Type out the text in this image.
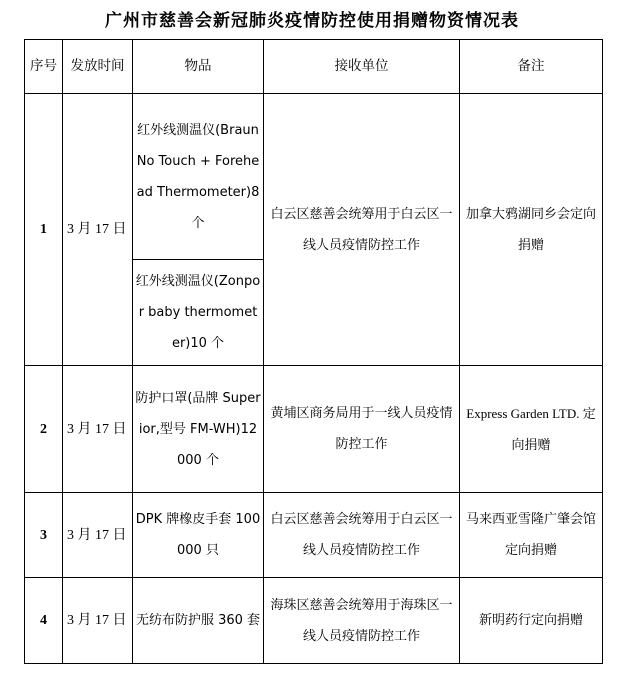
广州市慈善会新冠肺炎疫情防控使用捐赠物资情况表
序号	发放时间	物品	接收单位	备注
1	3 月 17 日	红外线测温仪(Braun No Touch + Forehead Thermometer)8 个	白云区慈善会统筹用于白云区一线人员疫情防控工作	加拿大鸦湖同乡会定向捐赠
		红外线测温仪(Zonpor baby thermometer)10 个		
2	3 月 17 日	防护口罩(品牌 Superior,型号 FM-WH)12000 个	黄埔区商务局用于一线人员疫情防控工作	Express Garden LTD. 定向捐赠
3	3 月 17 日	DPK 牌橡皮手套 100000 只	白云区慈善会统筹用于白云区一线人员疫情防控工作	马来西亚雪隆广肇会馆定向捐赠
4	3 月 17 日	无纺布防护服 360 套	海珠区慈善会统筹用于海珠区一线人员疫情防控工作	新明药行定向捐赠
